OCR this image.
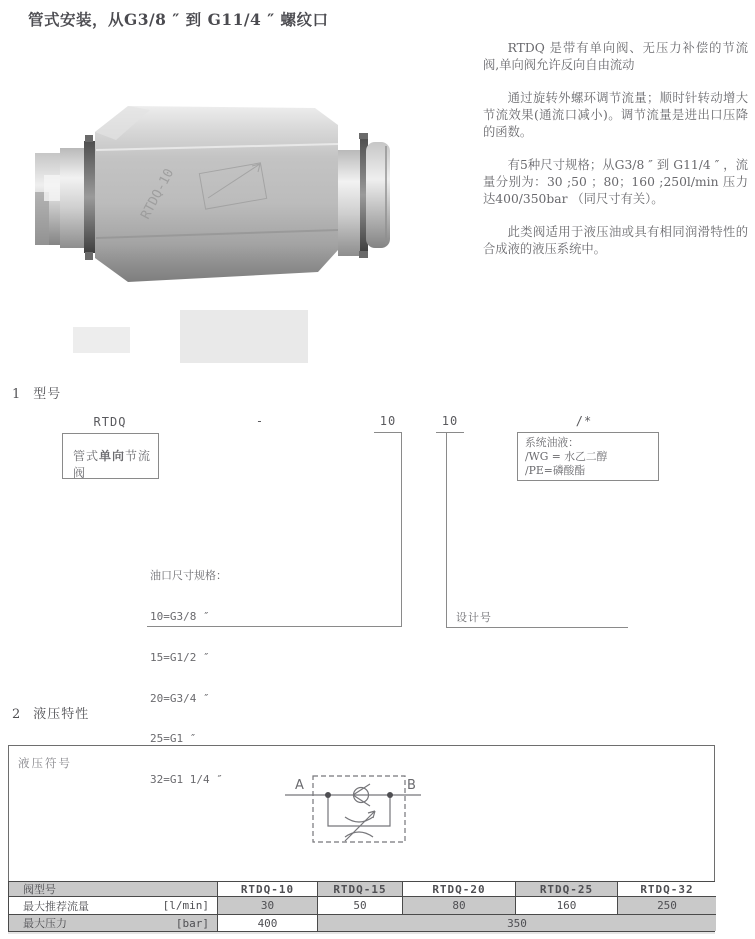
管式安装，从G3/8 ″ 到 G11/4 ″ 螺纹口
RTDQ-10

RTDQ 是带有单向阀、无压力补偿的节流阀,单向阀允许反向自由流动

通过旋转外螺环调节流量；顺时针转动增大节流效果(通流口减小)。调节流量是进出口压降的函数。

有5种尺寸规格；从G3/8 ″ 到 G11/4 ″ ，流量分别为：30 ;50 ；80；160 ;250l/min 压力达400/350bar （同尺寸有关）。

此类阀适用于液压油或具有相同润滑特性的合成液的液压系统中。

1 型号
RTDQ
管式单向节流阀
-	10

油口尺寸规格：

10=G3/8 ″

15=G1/2 ″

20=G3/4 ″

25=G1 ″

32=G1 1/4 ″

10
设计号
/*
系统油液：
/WG = 水乙二醇
/PE=磷酸酯
2 液压特性
液压符号
A	B
阀型号	RTDQ-10	RTDQ-15	RTDQ-20	RTDQ-25	RTDQ-32
最大推荐流量	[l/min]	30	50	80	160	250
最大压力	[bar]	400	350
